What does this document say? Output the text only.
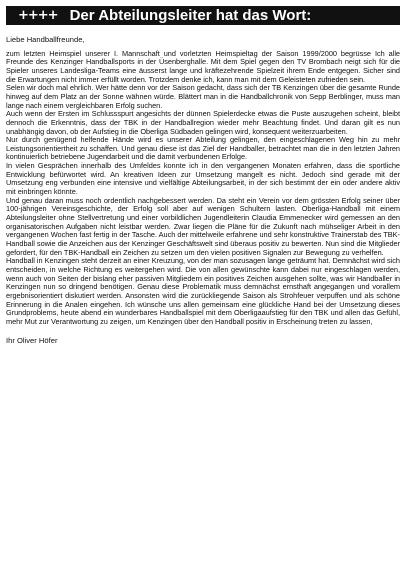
++++ Der Abteilungsleiter hat das Wort:
Liebe Handballfreunde,

zum letzten Heimspiel unserer I. Mannschaft und vorletzten Heimspieltag der Saison 1999/2000 begrüsse Ich alle Freunde des Kenzinger Handballsports in der Üsenberghalle. Mit dem Spiel gegen den TV Brombach neigt sich für die Spieler unseres Landesliga-Teams eine äusserst lange und kräftezehrende Spielzeit ihrem Ende entgegen. Sicher sind die Erwartungen nicht immer erfüllt worden. Trotzdem denke ich, kann man mit dem Geleisteten zufrieden sein.

Selen wir doch mal ehrlich. Wer hätte denn vor der Saison gedacht, dass sich der TB Kenzingen über die gesamte Runde hinweg auf dem Platz an der Sonne wähnen würde. Blättert man in die Handballchronik von Sepp Berblinger, muss man lange nach einem vergleichbaren Erfolg suchen.

Auch wenn der Ersten im Schlussspurt angesichts der dünnen Spielerdecke etwas die Puste auszugehen scheint, bleibt dennoch die Erkenntnis, dass der TBK in der Handballregion wieder mehr Beachtung findet. Und daran gilt es nun unabhängig davon, ob der Aufstieg in die Oberliga Südbaden gelingen wird, konsequent weiterzuarbeiten.

Nur durch genügend helfende Hände wird es unserer Abteilung gelingen, den eingeschlagenen Weg hin zu mehr Leistungsorientiertheit zu schaffen. Und genau diese ist das Ziel der Handballer, betrachtet man die in den letzten Jahren kontinuierlich betriebene Jugendarbeit und die damit verbundenen Erfolge.

In vielen Gesprächen innerhalb des Umfeldes konnte ich in den vergangenen Monaten erfahren, dass die sportliche Entwicklung befürwortet wird. An kreativen Ideen zur Umsetzung mangelt es nicht. Jedoch sind gerade mit der Umsetzung eng verbunden eine intensive und vielfältige Abteilungsarbeit, in der sich bestimmt der ein oder andere aktiv mit einbringen könnte.

Und genau daran muss noch ordentlich nachgebessert werden. Da steht ein Verein vor dem grössten Erfolg seiner über 100-jährigen Vereinsgeschichte, der Erfolg soll aber auf wenigen Schultern lasten. Oberliga-Handball mit einem Abteilungsleiter ohne Stellvertretung und einer vorbildlichen Jugendleiterin Claudia Emmenecker wird gemessen an den organisatorischen Aufgaben nicht leistbar werden. Zwar liegen die Pläne für die Zukunft nach mühseliger Arbeit in den vergangenen Wochen fast fertig in der Tasche. Auch der mittelweile erfahrene und sehr konstruktive Trainerstab des TBK-Handball sowie die Anzeichen aus der Kenzinger Geschäftswelt sind überaus positiv zu bewerten. Nun sind die Mitglieder gefordert, für den TBK-Handball ein Zeichen zu setzen um den vielen positiven Signalen zur Bewegung zu verhelfen.

Handball in Kenzingen steht derzeit an einer Kreuzung, von der man sozusagen lange geträumt hat. Demnächst wird sich entscheiden, in welche Richtung es weitergehen wird. Die von allen gewünschte kann dabei nur eingeschlagen werden, wenn auch von Seiten der bislang eher passiven Mitgliedern ein positives Zeichen ausgehen sollte, was wir Handballer in Kenzingen nun so dringend benötigen. Genau diese Problematik muss demnächst ernsthaft angegangen und vorallem ergebnisorientiert diskutiert werden. Ansonsten wird die zurückliegende Saison als Strohfeuer verpuffen und als schöne Erinnerung in die Analen eingehen. Ich wünsche uns allen gemeinsam eine glückliche Hand bei der Umsetzung dieses Grundproblems, heute abend ein wunderbares Handballspiel mit dem Oberligaaufstieg für den TBK und allen das Gefühl, mehr Mut zur Verantwortung zu zeigen, um Kenzingen über den Handball positiv in Erscheinung treten zu lassen,

Ihr Oliver Höfer
